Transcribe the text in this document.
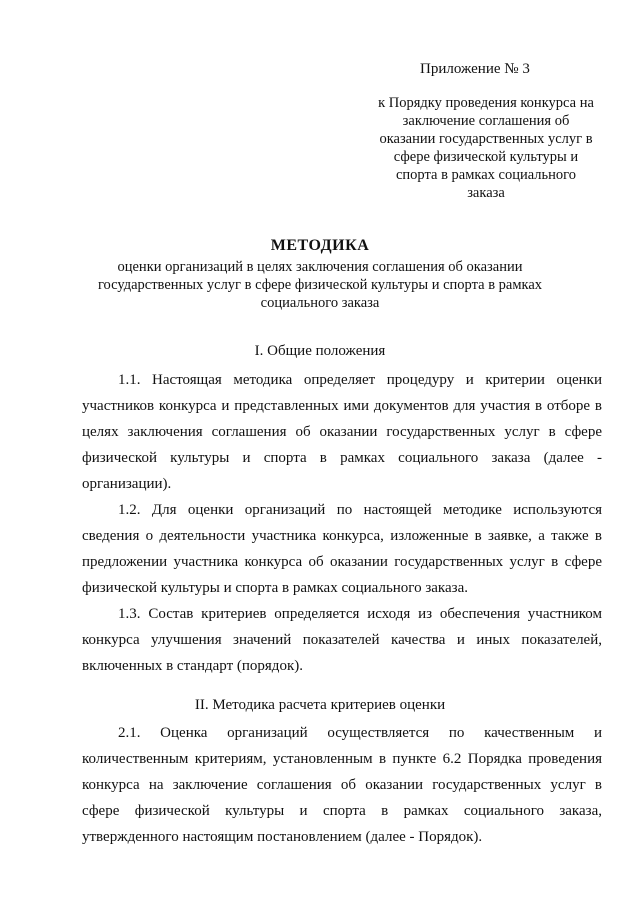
Приложение № 3
к Порядку проведения конкурса на
заключение соглашения об
оказании государственных услуг в
сфере физической культуры и
спорта в рамках социального
заказа
МЕТОДИКА
оценки организаций в целях заключения соглашения об оказании
государственных услуг в сфере физической культуры и спорта в рамках
социального заказа
I. Общие положения
1.1. Настоящая методика определяет процедуру и критерии оценки
участников конкурса и представленных ими документов для участия в отборе в
целях заключения соглашения об оказании государственных услуг в сфере
физической культуры и спорта в рамках социального заказа (далее -
организации).
1.2. Для оценки организаций по настоящей методике используются
сведения о деятельности участника конкурса, изложенные в заявке, а также в
предложении участника конкурса об оказании государственных услуг в сфере
физической культуры и спорта в рамках социального заказа.
1.3. Состав критериев определяется исходя из обеспечения участником
конкурса улучшения значений показателей качества и иных показателей,
включенных в стандарт (порядок).
II. Методика расчета критериев оценки
2.1. Оценка организаций осуществляется по качественным и
количественным критериям, установленным в пункте 6.2 Порядка проведения
конкурса на заключение соглашения об оказании государственных услуг в
сфере физической культуры и спорта в рамках социального заказа,
утвержденного настоящим постановлением (далее - Порядок).
